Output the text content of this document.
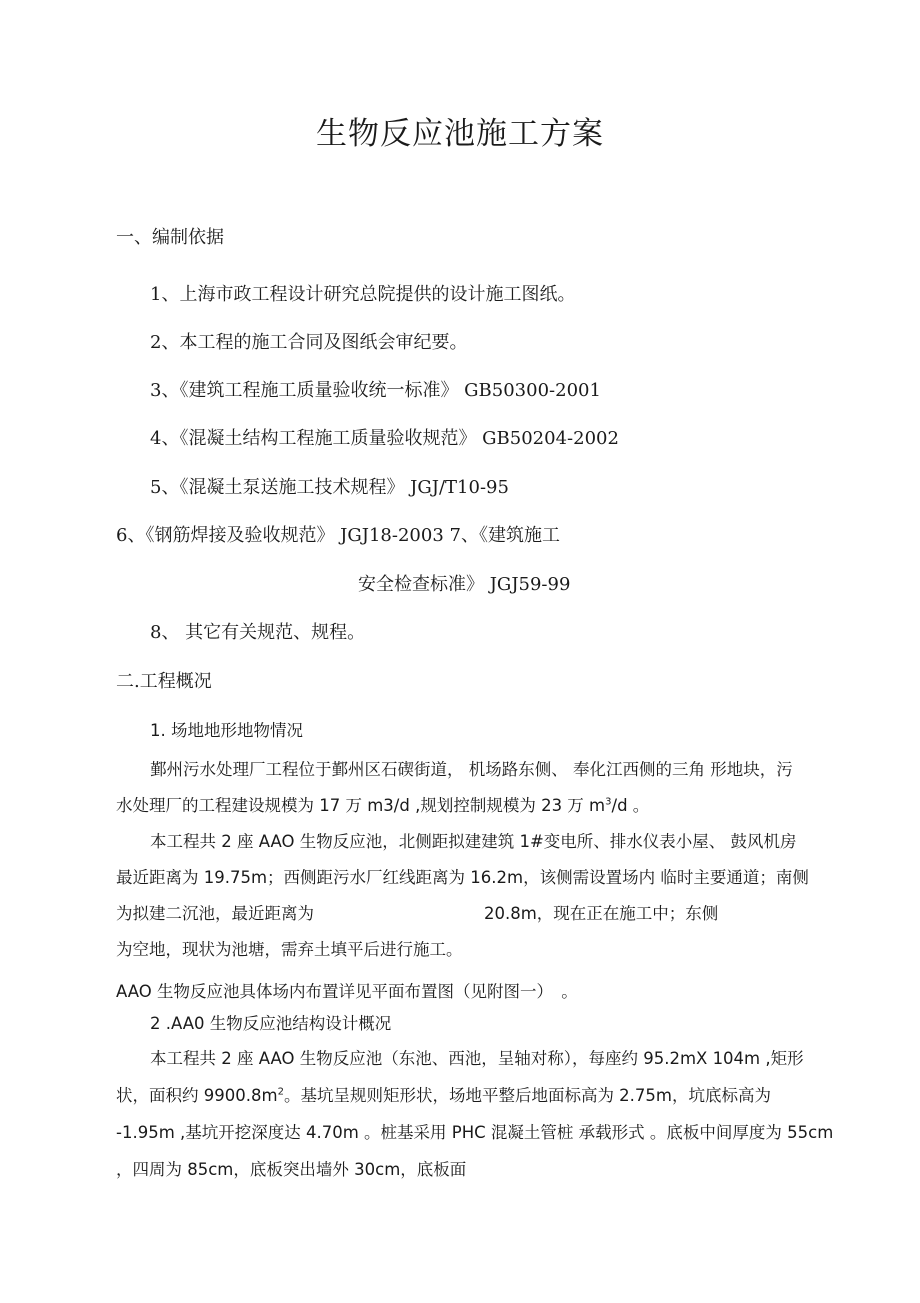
生物反应池施工方案
一、编制依据
1、上海市政工程设计研究总院提供的设计施工图纸。
2、本工程的施工合同及图纸会审纪要。
3、《建筑工程施工质量验收统一标准》 GB50300-2001
4、《混凝土结构工程施工质量验收规范》 GB50204-2002
5、《混凝土泵送施工技术规程》 JGJ/T10-95
6、《钢筋焊接及验收规范》 JGJ18-2003 7、《建筑施工
安全检查标准》 JGJ59-99
8、 其它有关规范、规程。
二.工程概况
1. 场地地形地物情况
鄞州污水处理厂工程位于鄞州区石碶街道， 机场路东侧、 奉化江西侧的三角 形地块，污
水处理厂的工程建设规模为 17 万 m3/d ,规划控制规模为 23 万 $m^3/d$ 。
本工程共 2 座 AAO 生物反应池，北侧距拟建建筑 1#变电所、排水仪表小屋、 鼓风机房
最近距离为 19.75m；西侧距污水厂红线距离为 16.2m，该侧需设置场内 临时主要通道；南侧
为拟建二沉池，最近距离为	20.8m，现在正在施工中；东侧
为空地，现状为池塘，需弃土填平后进行施工。
AAO 生物反应池具体场内布置详见平面布置图（见附图一）　。
2 .AA0 生物反应池结构设计概况
本工程共 2 座 AAO 生物反应池（东池、西池，呈轴对称），每座约 95.2mX 104m ,矩形
状，面积约 $9900.8m^2$。基坑呈规则矩形状，场地平整后地面标高为 2.75m，坑底标高为
-1.95m ,基坑开挖深度达 4.70m 。桩基采用 PHC 混凝土管桩 承载形式 。底板中间厚度为 55cm
，四周为 85cm，底板突出墙外 30cm，底板面
